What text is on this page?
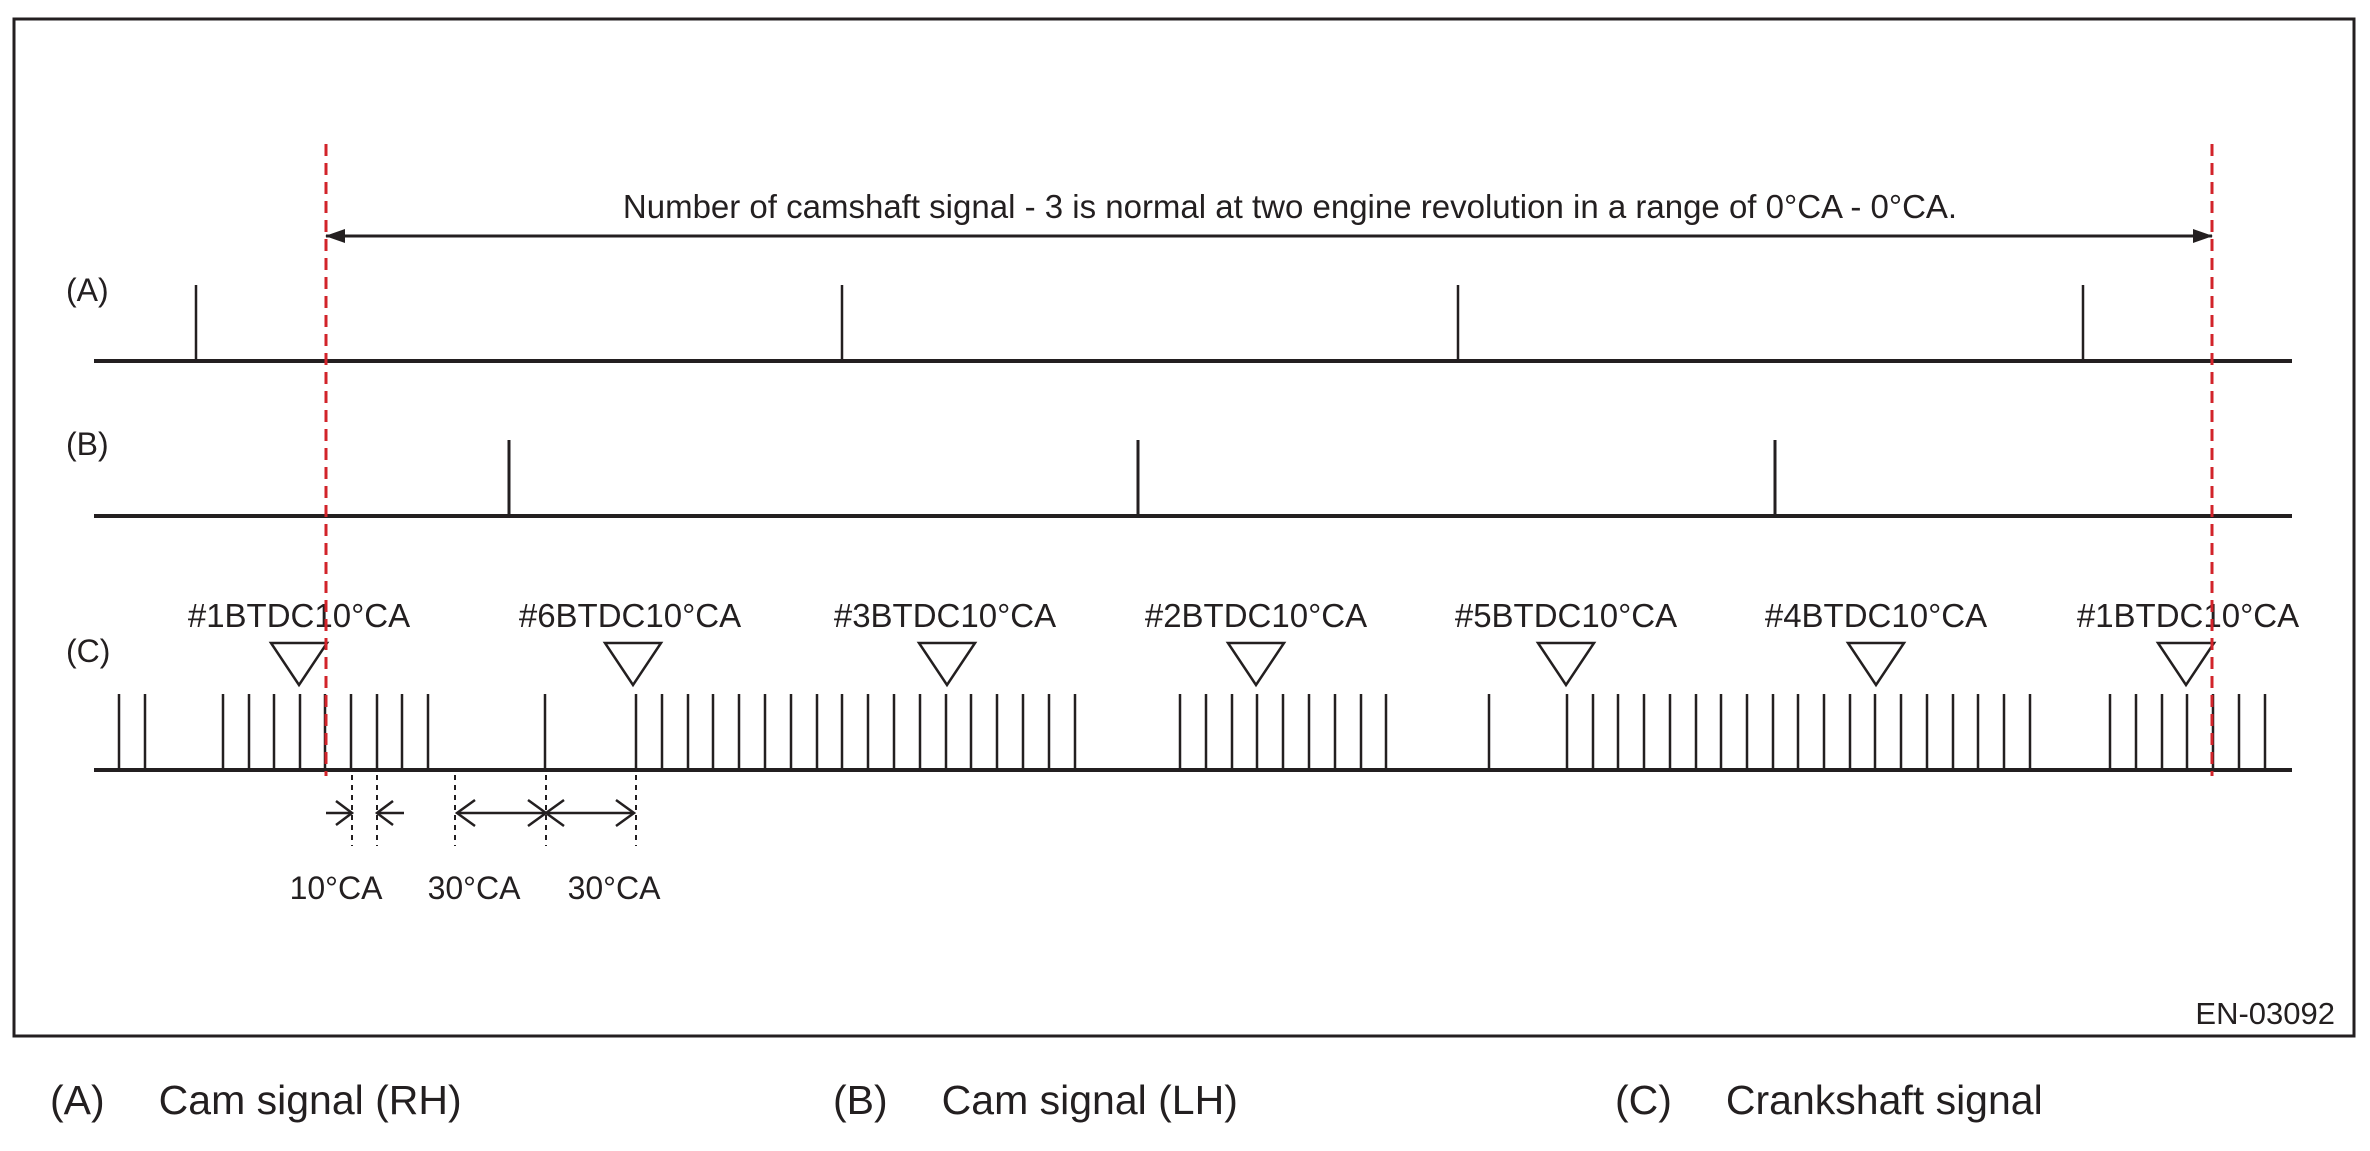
Number of camshaft signal - 3 is normal at two engine revolution in a range of 0°CA - 0°CA.
(A)
(B)
(C)
#1BTDC10°CA	#6BTDC10°CA	#3BTDC10°CA	#2BTDC10°CA	#5BTDC10°CA	#4BTDC10°CA	#1BTDC10°CA
10°CA 30°CA 30°CA
EN-03092
(A) Cam signal (RH)	(B) Cam signal (LH)	(C) Crankshaft signal
